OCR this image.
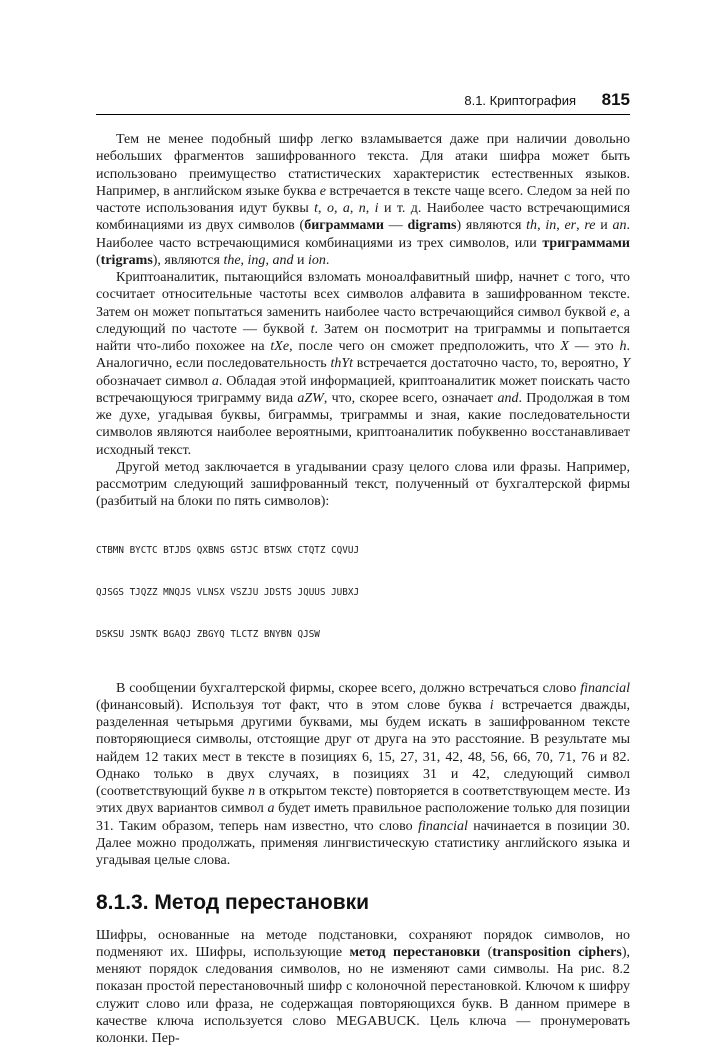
8.1. Криптография 815

Тем не менее подобный шифр легко взламывается даже при наличии довольно небольших фрагментов зашифрованного текста. Для атаки шифра может быть использовано преимущество статистических характеристик естественных языков. Например, в английском языке буква e встречается в тексте чаще всего. Следом за ней по частоте использования идут буквы t, o, a, n, i и т. д. Наиболее часто встречающимися комбинациями из двух символов (биграммами — digrams) являются th, in, er, re и an. Наиболее часто встречающимися комбинациями из трех символов, или триграммами (trigrams), являются the, ing, and и ion.

Криптоаналитик, пытающийся взломать моноалфавитный шифр, начнет с того, что сосчитает относительные частоты всех символов алфавита в зашифрованном тексте. Затем он может попытаться заменить наиболее часто встречающийся символ буквой e, а следующий по частоте — буквой t. Затем он посмотрит на триграммы и попытается найти что-либо похожее на tXe, после чего он сможет предположить, что X — это h. Аналогично, если последовательность thYt встречается достаточно часто, то, вероятно, Y обозначает символ a. Обладая этой информацией, криптоаналитик может поискать часто встречающуюся триграмму вида aZW, что, скорее всего, означает and. Продолжая в том же духе, угадывая буквы, биграммы, триграммы и зная, какие последовательности символов являются наиболее вероятными, криптоаналитик побуквенно восстанавливает исходный текст.

Другой метод заключается в угадывании сразу целого слова или фразы. Например, рассмотрим следующий зашифрованный текст, полученный от бухгалтерской фирмы (разбитый на блоки по пять символов):

CTBMN BYCTC BTJDS QXBNS GSTJC BTSWX CTQTZ CQVUJ

QJSGS TJQZZ MNQJS VLNSX VSZJU JDSTS JQUUS JUBXJ

DSKSU JSNTK BGAQJ ZBGYQ TLCTZ BNYBN QJSW

В сообщении бухгалтерской фирмы, скорее всего, должно встречаться слово financial (финансовый). Используя тот факт, что в этом слове буква i встречается дважды, разделенная четырьмя другими буквами, мы будем искать в зашифрованном тексте повторяющиеся символы, отстоящие друг от друга на это расстояние. В результате мы найдем 12 таких мест в тексте в позициях 6, 15, 27, 31, 42, 48, 56, 66, 70, 71, 76 и 82. Однако только в двух случаях, в позициях 31 и 42, следующий символ (соответствующий букве n в открытом тексте) повторяется в соответствующем месте. Из этих двух вариантов символ a будет иметь правильное расположение только для позиции 31. Таким образом, теперь нам известно, что слово financial начинается в позиции 30. Далее можно продолжать, применяя лингвистическую статистику английского языка и угадывая целые слова.

8.1.3. Метод перестановки

Шифры, основанные на методе подстановки, сохраняют порядок символов, но подменяют их. Шифры, использующие метод перестановки (transposition ciphers), меняют порядок следования символов, но не изменяют сами символы. На рис. 8.2 показан простой перестановочный шифр с колоночной перестановкой. Ключом к шифру служит слово или фраза, не содержащая повторяющихся букв. В данном примере в качестве ключа используется слово MEGABUCK. Цель ключа — пронумеровать колонки. Пер-
